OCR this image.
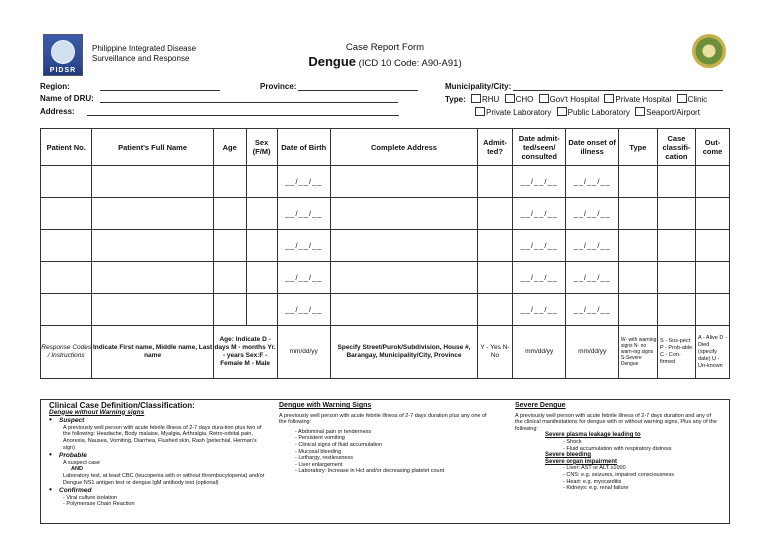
PIDSR
Philippine Integrated Disease
Surveillance and Response
Case Report Form
Dengue (ICD 10 Code: A90-A91)
Region:	Province:	Municipality/City:
Name of DRU:	Type: RHU CHO Gov't Hospital Private Hospital Clinic
Address:	Private Laboratory Public Laboratory Seaport/Airport
Patient No.	Patient's Full Name	Age	Sex (F/M)	Date of Birth	Complete Address	Admit-ted?	Date admit-ted/seen/ consulted	Date onset of illness	Type	Case classifi-cation	Out-come
				__/__/__			__/__/__	__/__/__			
				__/__/__			__/__/__	__/__/__			
				__/__/__			__/__/__	__/__/__			
				__/__/__			__/__/__	__/__/__			
				__/__/__			__/__/__	__/__/__			
Response Codes / Instructions	Indicate First name, Middle name, Last name	Age: Indicate D - days M - months Yr. - years Sex:F - Female M - Male		mm/dd/yy	Specify Street/Purok/Subdivision, House #, Barangay, Municipality/City, Province	Y - Yes N- No	mm/dd/yy	mm/dd/yy	W- with warning signs N- no warn-ing signs S-Severe Dengue	S - Sus-pect P - Prob-able C - Con-firmed	A - Alive D - Died (specify date) U - Un-known
Clinical Case Definition/Classification:
Dengue without Warning signs
• Suspect
A previously well person with acute febrile illness of 2-7 days dura-tion plus two of the following: Headache, Body malaise, Myalgia, Arthralgia, Retro-orbital pain, Anorexia, Nausea, Vomiting, Diarrhea, Flushed skin, Rash (petechial, Herman's sign)
• Probable
A suspect case
AND
Laboratory test, at least CBC (leucopenia with or without thrombocytopenia) and/or Dengue NS1 antigen test or dengue IgM antibody test (optional)
• Confirmed
- Viral culture isolation
- Polymerase Chain Reaction
Dengue with Warning Signs
A previously well person with acute febrile illness of 2-7 days duration plus any one of the following:
- Abdominal pain or tenderness
- Persistent vomiting
- Clinical signs of fluid accumulation
- Mucosal bleeding
- Lethargy, restlessness
- Liver enlargement
- Laboratory: Increase in Hct and/or decreasing platelet count
Severe Dengue
A previously well person with acute febrile illness of 2-7 days duration and any of the clinical manifestations for dengue with or without warning signs, Plus any of the following:
Severe plasma leakage leading to
- Shock
- Fluid accumulation with respiratory distress
Severe bleeding
Severe organ impairment
- Liver: AST or ALT ≥1000
- CNS: e.g. seizures, impaired consciousness
- Heart: e.g. myocarditis
- Kidneys: e.g. renal failure
